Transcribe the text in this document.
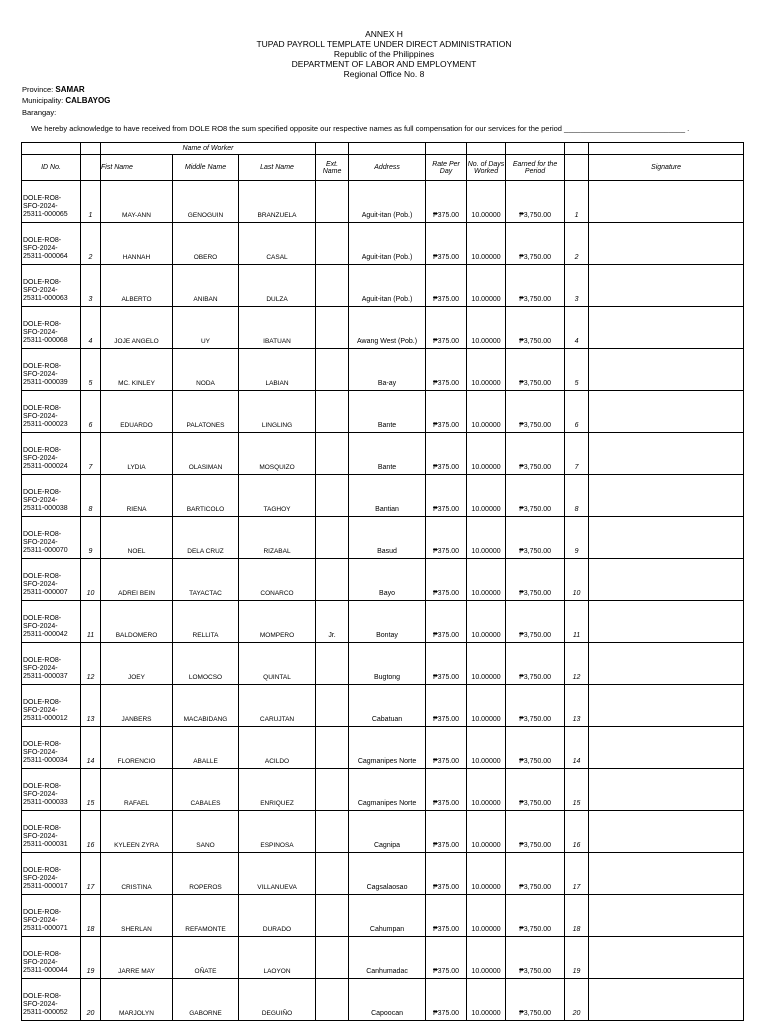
ANNEX H
TUPAD PAYROLL TEMPLATE UNDER DIRECT ADMINISTRATION
Republic of the Philippines
DEPARTMENT OF LABOR AND EMPLOYMENT
Regional Office No. 8
Province: SAMAR
Municipality: CALBAYOG
Barangay:
We hereby acknowledge to have received from DOLE RO8 the sum specified opposite our respective names as full compensation for our services for the period _____________________________ .
		Name of Worker									
ID No.		Fist Name	Middle Name	Last Name	Ext. Name	Address	Rate Per Day	No. of Days Worked	Earned for the Period		Signature
DOLE-RO8-
SFO-2024-
25311-000065	1	MAY-ANN	GENOGUIN	BRANZUELA		Aguit-itan (Pob.)	₱375.00	10.00000	₱3,750.00	1	
DOLE-RO8-
SFO-2024-
25311-000064	2	HANNAH	OBERO	CASAL		Aguit-itan (Pob.)	₱375.00	10.00000	₱3,750.00	2	
DOLE-RO8-
SFO-2024-
25311-000063	3	ALBERTO	ANIBAN	DULZA		Aguit-itan (Pob.)	₱375.00	10.00000	₱3,750.00	3	
DOLE-RO8-
SFO-2024-
25311-000068	4	JOJE ANGELO	UY	IBATUAN		Awang West (Pob.)	₱375.00	10.00000	₱3,750.00	4	
DOLE-RO8-
SFO-2024-
25311-000039	5	MC. KINLEY	NODA	LABIAN		Ba-ay	₱375.00	10.00000	₱3,750.00	5	
DOLE-RO8-
SFO-2024-
25311-000023	6	EDUARDO	PALATONES	LINGLING		Bante	₱375.00	10.00000	₱3,750.00	6	
DOLE-RO8-
SFO-2024-
25311-000024	7	LYDIA	OLASIMAN	MOSQUIZO		Bante	₱375.00	10.00000	₱3,750.00	7	
DOLE-RO8-
SFO-2024-
25311-000038	8	RIENA	BARTICOLO	TAGHOY		Bantian	₱375.00	10.00000	₱3,750.00	8	
DOLE-RO8-
SFO-2024-
25311-000070	9	NOEL	DELA CRUZ	RIZABAL		Basud	₱375.00	10.00000	₱3,750.00	9	
DOLE-RO8-
SFO-2024-
25311-000007	10	ADREI BEIN	TAYACTAC	CONARCO		Bayo	₱375.00	10.00000	₱3,750.00	10	
DOLE-RO8-
SFO-2024-
25311-000042	11	BALDOMERO	RELLITA	MOMPERO	Jr.	Bontay	₱375.00	10.00000	₱3,750.00	11	
DOLE-RO8-
SFO-2024-
25311-000037	12	JOEY	LOMOCSO	QUINTAL		Bugtong	₱375.00	10.00000	₱3,750.00	12	
DOLE-RO8-
SFO-2024-
25311-000012	13	JANBERS	MACABIDANG	CARUJTAN		Cabatuan	₱375.00	10.00000	₱3,750.00	13	
DOLE-RO8-
SFO-2024-
25311-000034	14	FLORENCIO	ABALLE	ACILDO		Cagmanipes Norte	₱375.00	10.00000	₱3,750.00	14	
DOLE-RO8-
SFO-2024-
25311-000033	15	RAFAEL	CABALES	ENRIQUEZ		Cagmanipes Norte	₱375.00	10.00000	₱3,750.00	15	
DOLE-RO8-
SFO-2024-
25311-000031	16	KYLEEN ZYRA	SANO	ESPINOSA		Cagnipa	₱375.00	10.00000	₱3,750.00	16	
DOLE-RO8-
SFO-2024-
25311-000017	17	CRISTINA	ROPEROS	VILLANUEVA		Cagsalaosao	₱375.00	10.00000	₱3,750.00	17	
DOLE-RO8-
SFO-2024-
25311-000071	18	SHERLAN	REFAMONTE	DURADO		Cahumpan	₱375.00	10.00000	₱3,750.00	18	
DOLE-RO8-
SFO-2024-
25311-000044	19	JARRE MAY	OÑATE	LAOYON		Canhumadac	₱375.00	10.00000	₱3,750.00	19	
DOLE-RO8-
SFO-2024-
25311-000052	20	MARJOLYN	GABORNE	DEGUIÑO		Capoocan	₱375.00	10.00000	₱3,750.00	20	
